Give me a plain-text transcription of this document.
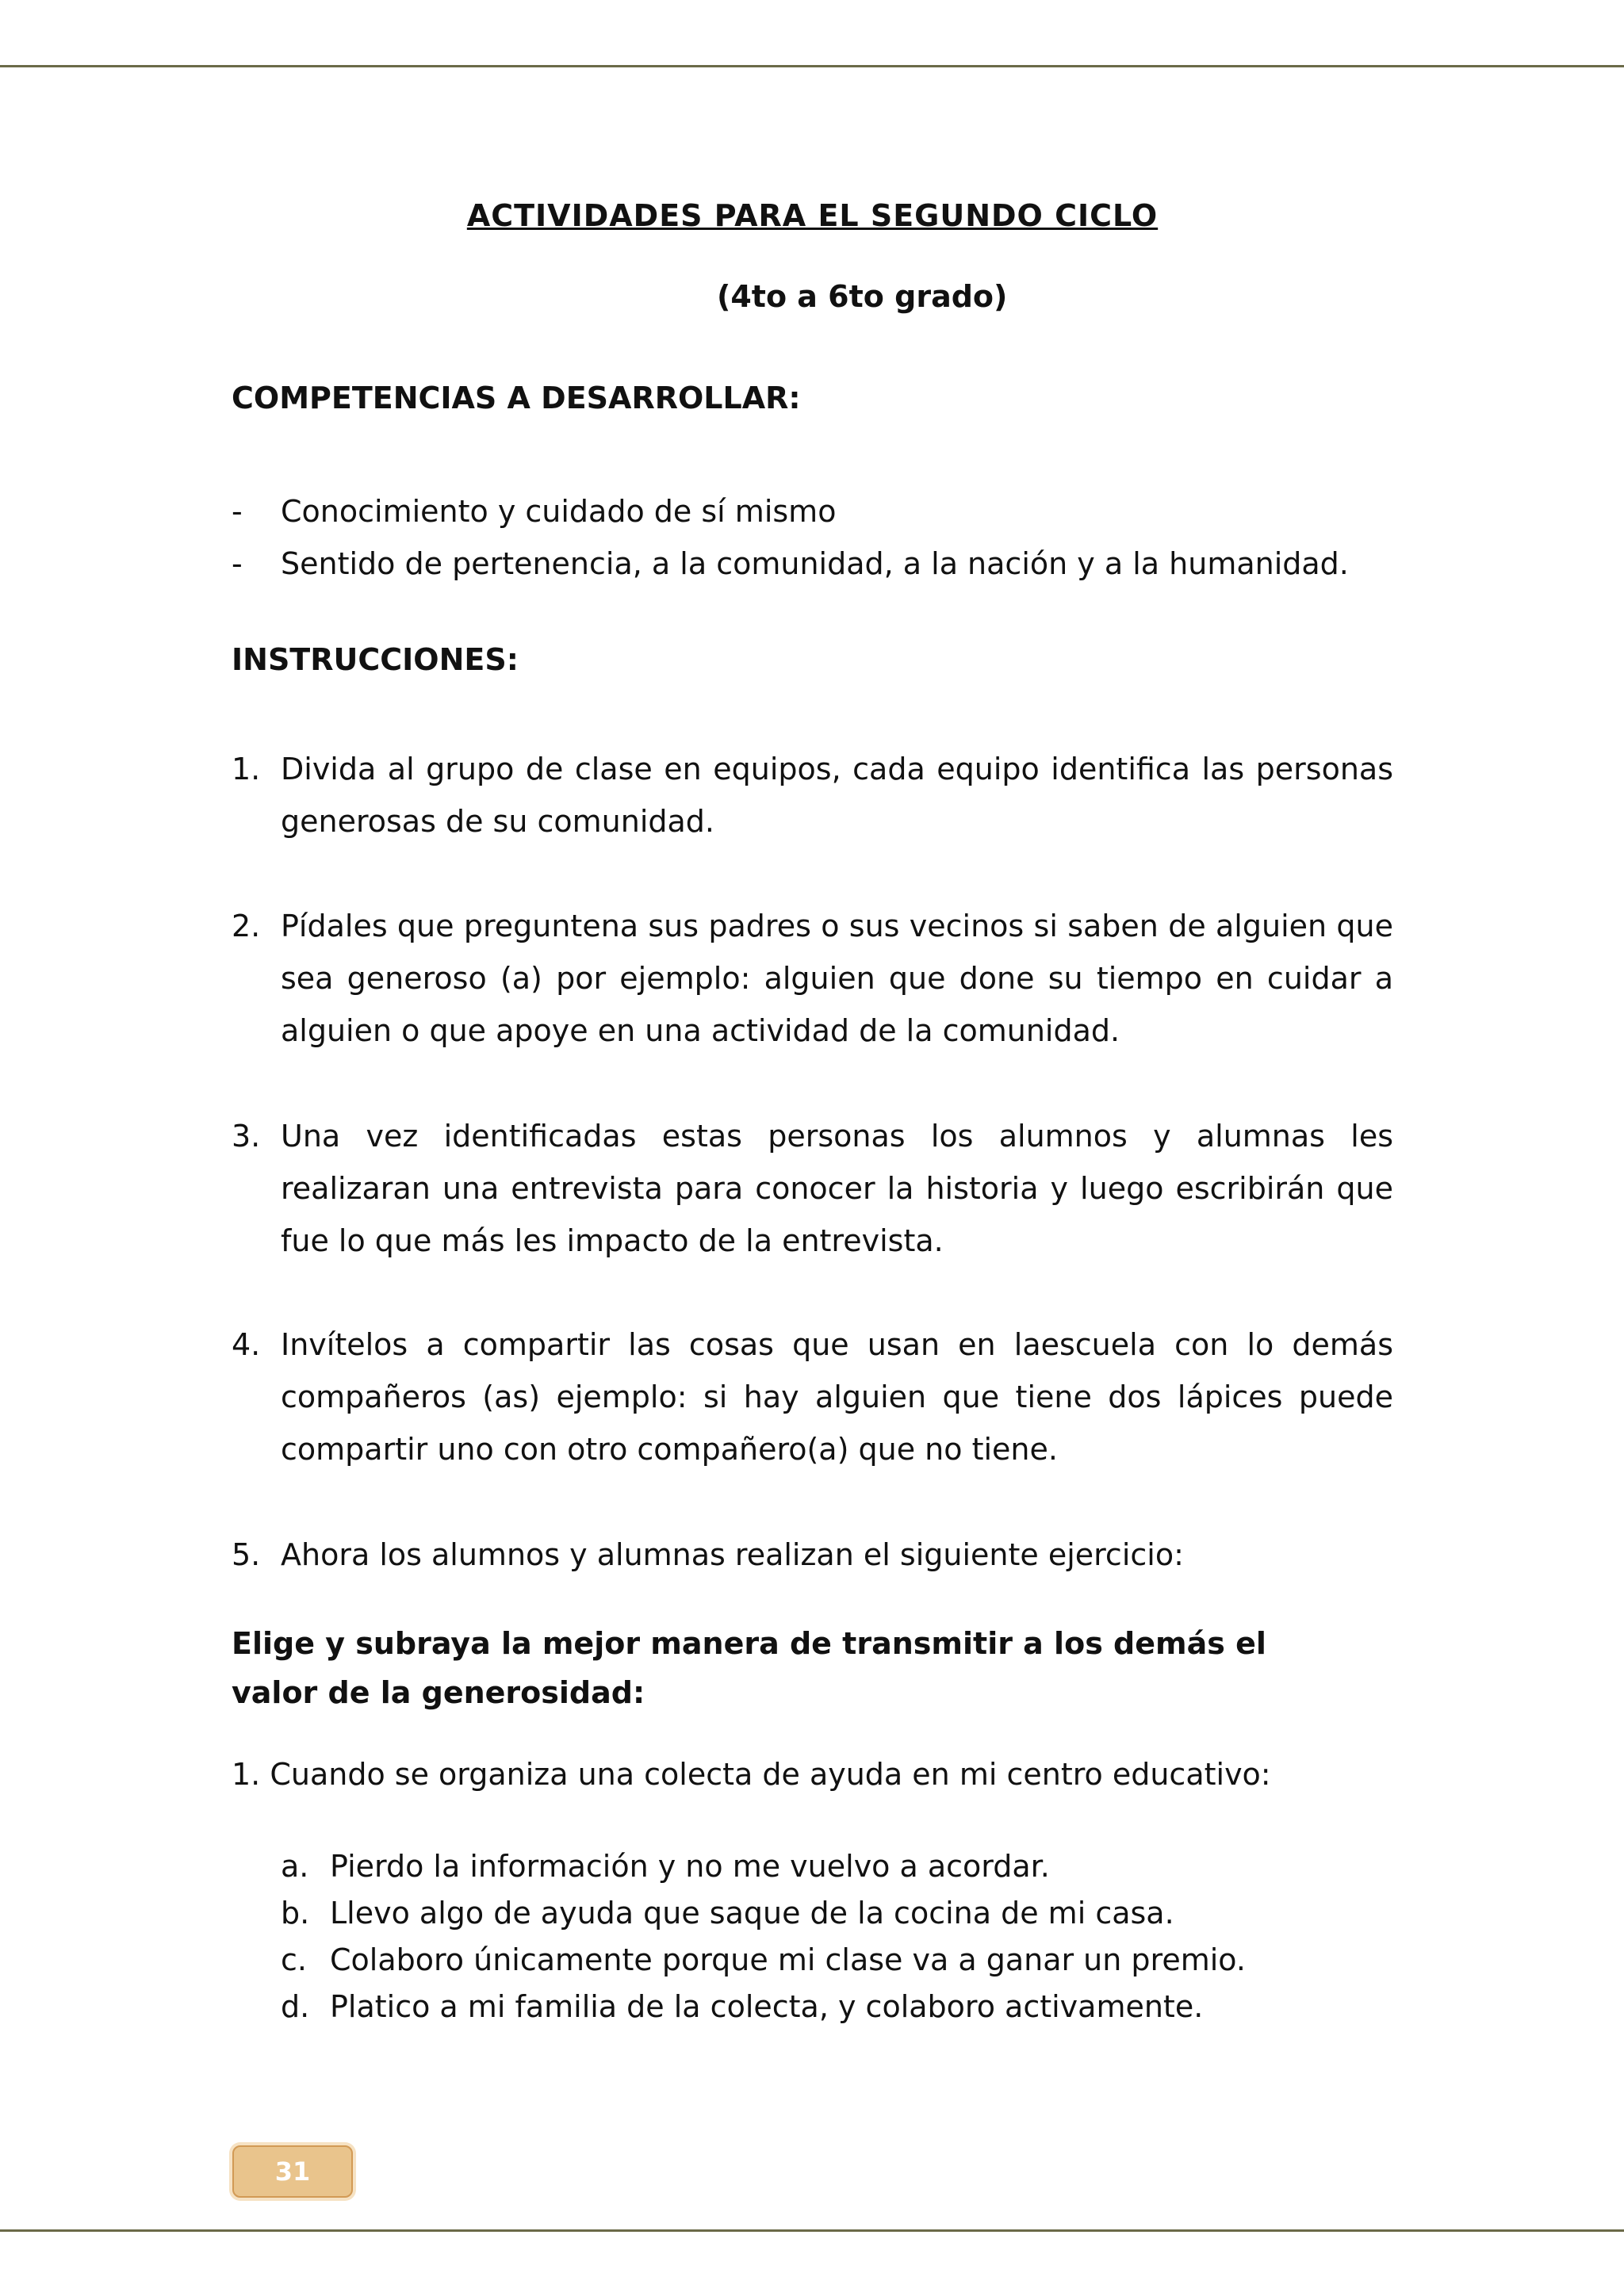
ACTIVIDADES PARA EL SEGUNDO CICLO
(4to a 6to grado)
COMPETENCIAS A DESARROLLAR:
- Conocimiento y cuidado de sí mismo
- Sentido de pertenencia, a la comunidad, a la nación y a la humanidad.
INSTRUCCIONES:
1. Divida al grupo de clase en equipos, cada equipo identifica las personas generosas de su comunidad.
2. Pídales que preguntena sus padres o sus vecinos si saben de alguien que sea generoso (a) por ejemplo: alguien que done su tiempo en cuidar a alguien o que apoye en una actividad de la comunidad.
3. Una vez identificadas estas personas los alumnos y alumnas les realizaran una entrevista para conocer la historia y luego escribirán que fue lo que más les impacto de la entrevista.
4. Invítelos a compartir las cosas que usan en laescuela con lo demás compañeros (as) ejemplo: si hay alguien que tiene dos lápices puede compartir uno con otro compañero(a) que no tiene.
5. Ahora los alumnos y alumnas realizan el siguiente ejercicio:
Elige y subraya la mejor manera de transmitir a los demás el valor de la generosidad:
1. Cuando se organiza una colecta de ayuda en mi centro educativo:
a. Pierdo la información y no me vuelvo a acordar.
b. Llevo algo de ayuda que saque de la cocina de mi casa.
c. Colaboro únicamente porque mi clase va a ganar un premio.
d. Platico a mi familia de la colecta, y colaboro activamente.
31
